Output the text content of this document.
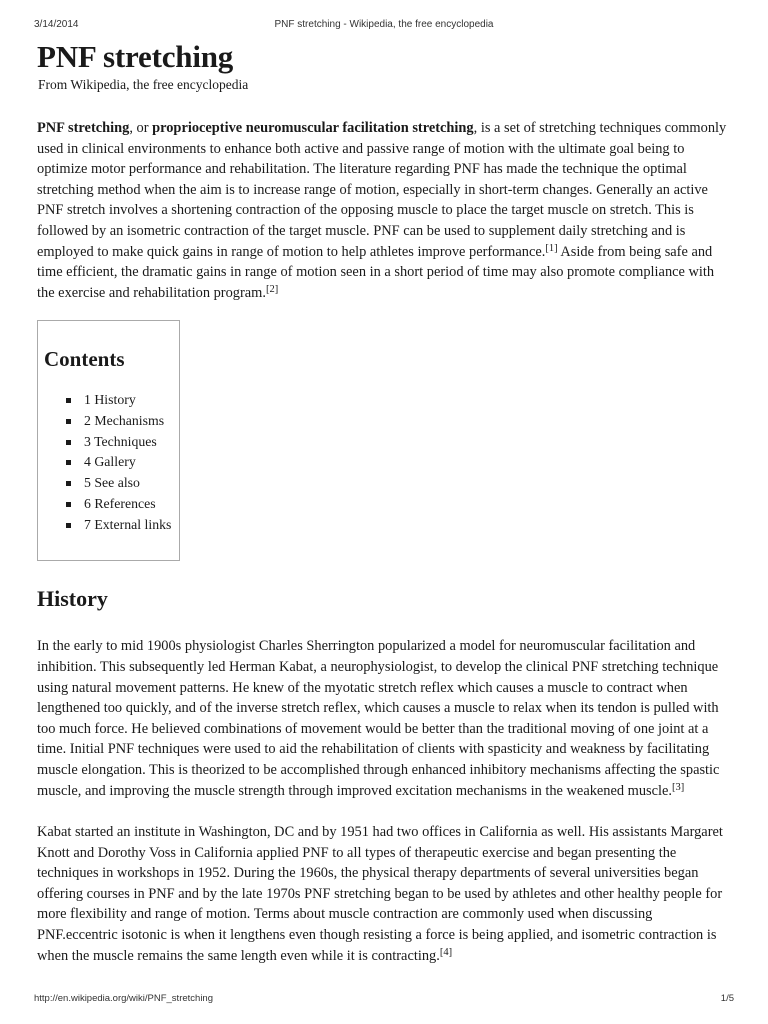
3/14/2014	PNF stretching - Wikipedia, the free encyclopedia
PNF stretching
From Wikipedia, the free encyclopedia

PNF stretching, or proprioceptive neuromuscular facilitation stretching, is a set of stretching techniques commonly used in clinical environments to enhance both active and passive range of motion with the ultimate goal being to optimize motor performance and rehabilitation. The literature regarding PNF has made the technique the optimal stretching method when the aim is to increase range of motion, especially in short-term changes. Generally an active PNF stretch involves a shortening contraction of the opposing muscle to place the target muscle on stretch. This is followed by an isometric contraction of the target muscle. PNF can be used to supplement daily stretching and is employed to make quick gains in range of motion to help athletes improve performance.[1] Aside from being safe and time efficient, the dramatic gains in range of motion seen in a short period of time may also promote compliance with the exercise and rehabilitation program.[2]

Contents
1 History
2 Mechanisms
3 Techniques
4 Gallery
5 See also
6 References
7 External links
History

In the early to mid 1900s physiologist Charles Sherrington popularized a model for neuromuscular facilitation and inhibition. This subsequently led Herman Kabat, a neurophysiologist, to develop the clinical PNF stretching technique using natural movement patterns. He knew of the myotatic stretch reflex which causes a muscle to contract when lengthened too quickly, and of the inverse stretch reflex, which causes a muscle to relax when its tendon is pulled with too much force. He believed combinations of movement would be better than the traditional moving of one joint at a time. Initial PNF techniques were used to aid the rehabilitation of clients with spasticity and weakness by facilitating muscle elongation. This is theorized to be accomplished through enhanced inhibitory mechanisms affecting the spastic muscle, and improving the muscle strength through improved excitation mechanisms in the weakened muscle.[3]

Kabat started an institute in Washington, DC and by 1951 had two offices in California as well. His assistants Margaret Knott and Dorothy Voss in California applied PNF to all types of therapeutic exercise and began presenting the techniques in workshops in 1952. During the 1960s, the physical therapy departments of several universities began offering courses in PNF and by the late 1970s PNF stretching began to be used by athletes and other healthy people for more flexibility and range of motion. Terms about muscle contraction are commonly used when discussing PNF.eccentric isotonic is when it lengthens even though resisting a force is being applied, and isometric contraction is when the muscle remains the same length even while it is contracting.[4]

http://en.wikipedia.org/wiki/PNF_stretching	1/5
